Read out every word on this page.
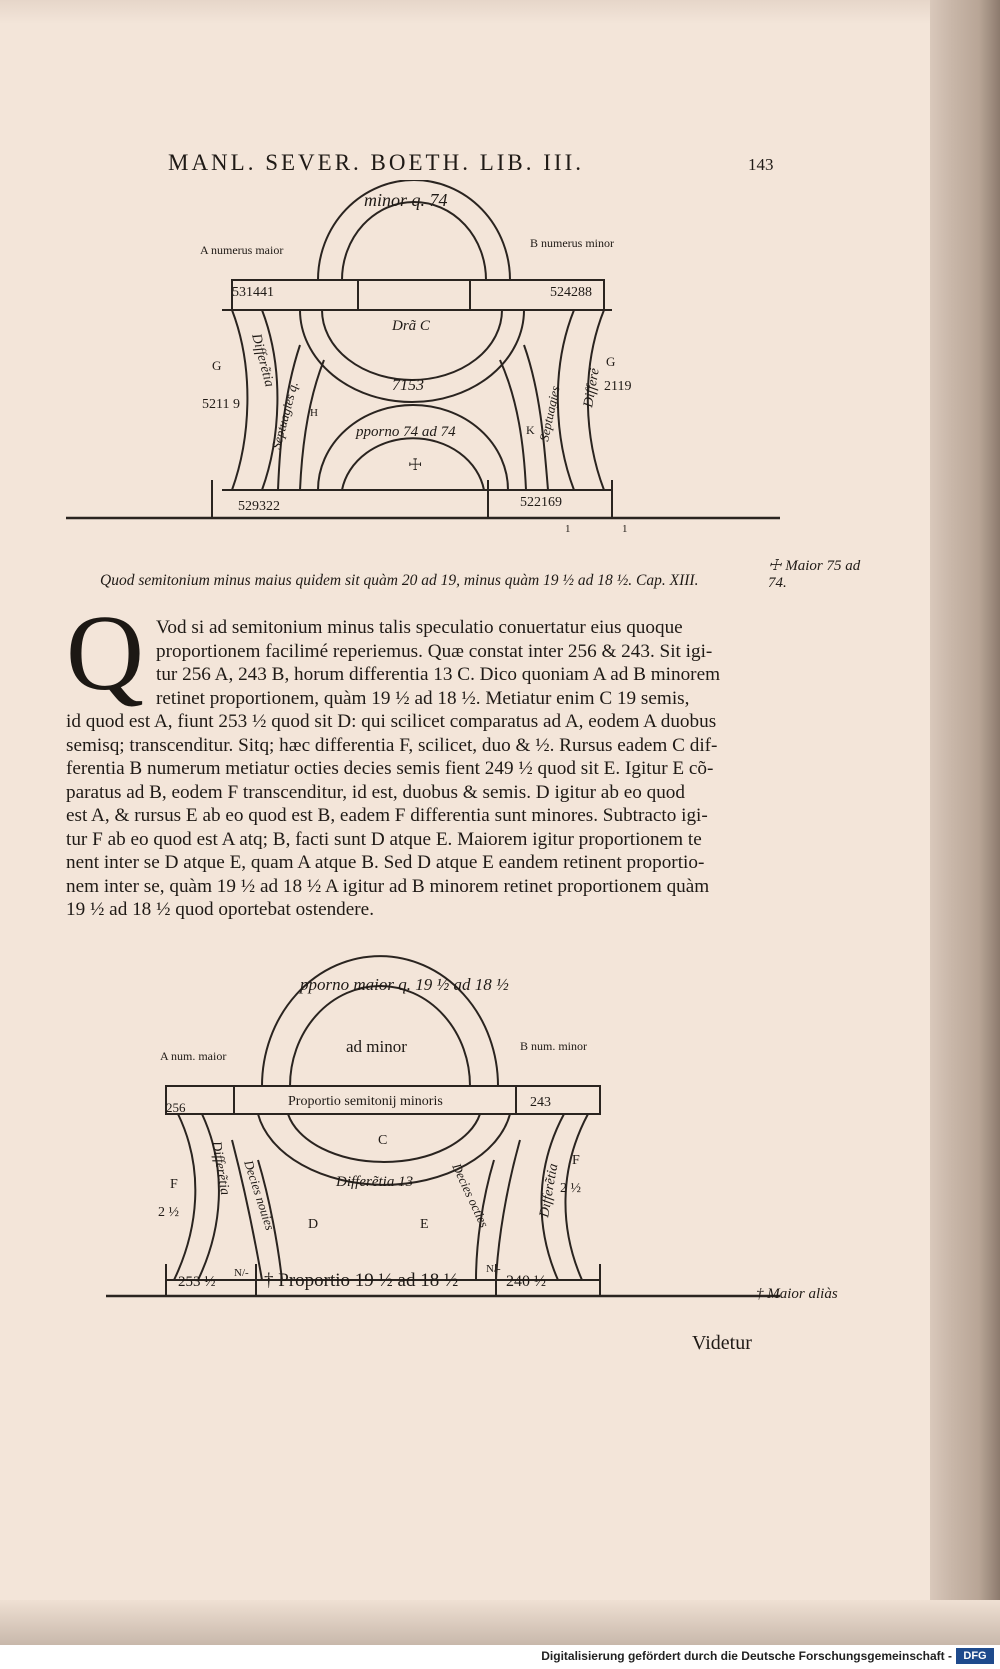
MANL. SEVER. BOETH. LIB. III.	143
minor q. 74
A numerus maior	B numerus minor
531441	524288
Drã C
G	G
5211 9
2119
Differẽtia	Differẽ
Septuagies q.	Septuagies
7153
H
K
pporno 74 ad 74
☩
529322	522169
1	1
Quod semitonium minus maius quidem sit quàm 20 ad 19, minus quàm 19 ½ ad 18 ½. Cap. XIII.
☩ Maior 75 ad 74.
Q Vod si ad semitonium minus talis speculatio conuertatur eius quoque
proportionem facilimé reperiemus. Quæ constat inter 256 & 243. Sit igi-
tur 256 A, 243 B, horum differentia 13 C. Dico quoniam A ad B minorem
retinet proportionem, quàm 19 ½ ad 18 ½. Metiatur enim C 19 semis,
id quod est A, fiunt 253 ½ quod sit D: qui scilicet comparatus ad A, eodem A duobus
semisq; transcenditur. Sitq; hæc differentia F, scilicet, duo & ½. Rursus eadem C dif-
ferentia B numerum metiatur octies decies semis fient 249 ½ quod sit E. Igitur E cõ-
paratus ad B, eodem F transcenditur, id est, duobus & semis. D igitur ab eo quod
est A, & rursus E ab eo quod est B, eadem F differentia sunt minores. Subtracto igi-
tur F ab eo quod est A atq; B, facti sunt D atque E. Maiorem igitur proportionem te
nent inter se D atque E, quam A atque B. Sed D atque E eandem retinent proportio-
nem inter se, quàm 19 ½ ad 18 ½ A igitur ad B minorem retinet proportionem quàm
19 ½ ad 18 ½ quod oportebat ostendere.
pporno maior q. 19 ½ ad 18 ½
ad minor
A num. maior
B num. minor
256	243
Proportio semitonij minoris
C
Differẽtia 13
F
F
Differẽtia	Differẽtia
2 ½
2 ½
Decies nouies	Decies octies
D	E
N/-	N/-
253 ½	† Proportio 19 ½ ad 18 ½	240 ½
† Maior aliàs
Videtur
Digitalisierung gefördert durch die Deutsche Forschungsgemeinschaft -	DFG
